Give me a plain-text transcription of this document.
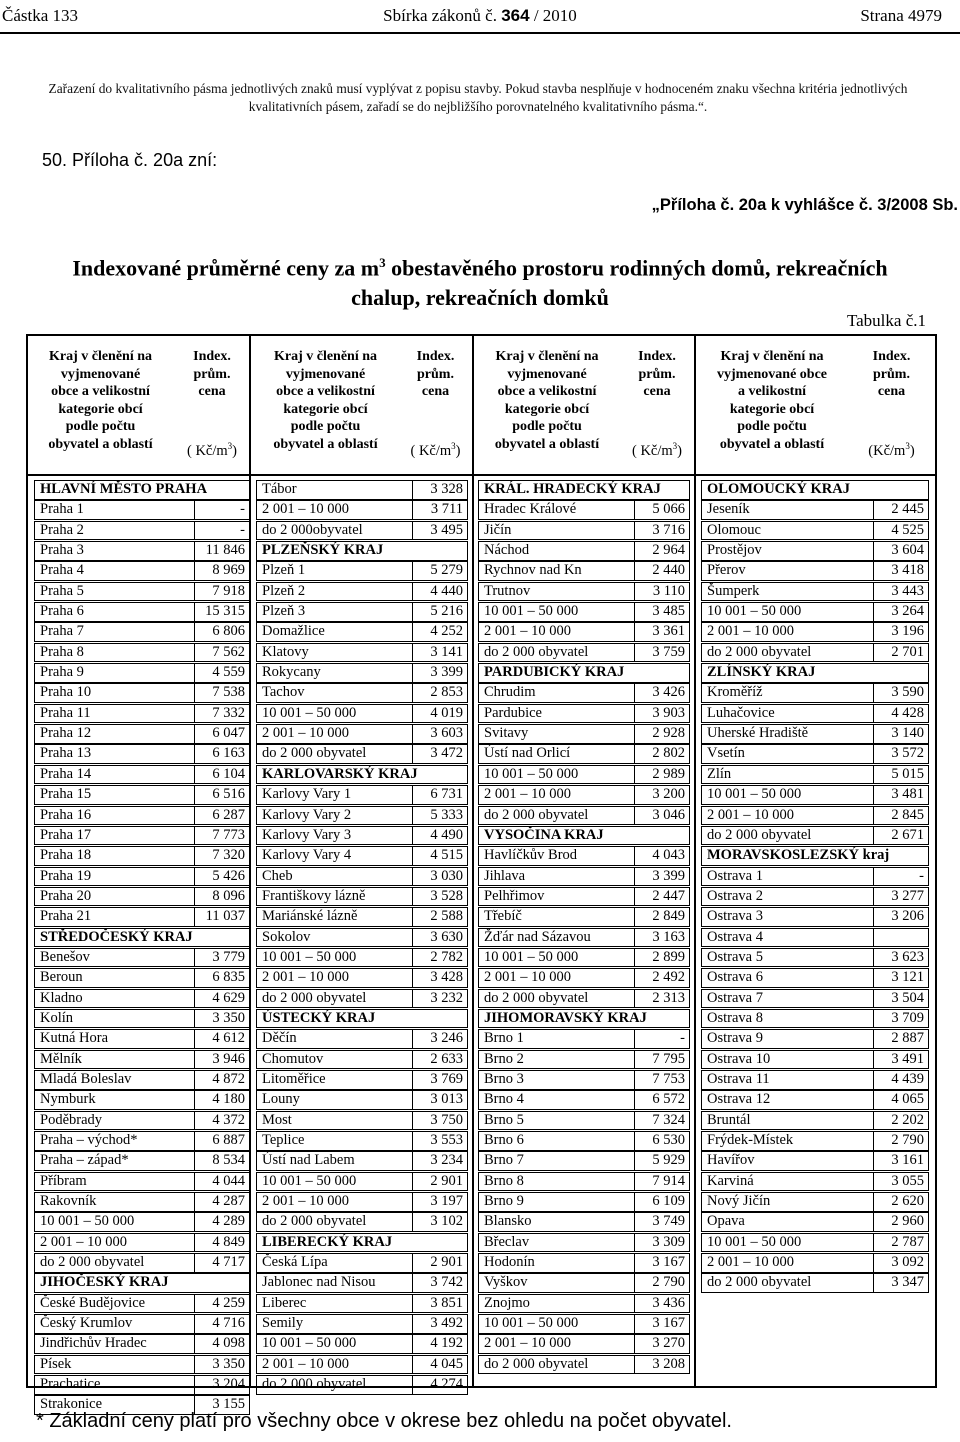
Částka 133	Sbírka zákonů č. 364 / 2010	Strana 4979
Zařazení do kvalitativního pásma jednotlivých znaků musí vyplývat z popisu stavby. Pokud stavba nesplňuje v hodnoceném znaku všechna kritéria jednotlivých kvalitativních pásem, zařadí se do nejbližšího porovnatelného kvalitativního pásma.“.
50. Příloha č. 20a zní:
„Příloha č. 20a k vyhlášce č. 3/2008 Sb.
Indexované průměrné ceny za $m^3$ obestavěného prostoru rodinných domů, rekreačních
chalup, rekreačních domků
Tabulka č.1
Kraj v členění na
vyjmenované
obce a velikostní
kategorie obcí
podle počtu
obyvatel a oblastí
Index.
prům.
cena
( $Kč/m^3$)
Kraj v členění na
vyjmenované
obce a velikostní
kategorie obcí
podle počtu
obyvatel a oblastí
Index.
prům.
cena
( $Kč/m^3$)
Kraj v členění na
vyjmenované
obce a velikostní
kategorie obcí
podle počtu
obyvatel a oblastí
Index.
prům.
cena
( $Kč/m^3$)
Kraj v členění na
vyjmenované obce
a velikostní
kategorie obcí
podle počtu
obyvatel a oblastí
Index.
prům.
cena
$(Kč/m^3)$
HLAVNÍ MĚSTO PRAHA
Praha 1	-
Praha 2	-
Praha 3	11 846
Praha 4	8 969
Praha 5	7 918
Praha 6	15 315
Praha 7	6 806
Praha 8	7 562
Praha 9	4 559
Praha 10	7 538
Praha 11	7 332
Praha 12	6 047
Praha 13	6 163
Praha 14	6 104
Praha 15	6 516
Praha 16	6 287
Praha 17	7 773
Praha 18	7 320
Praha 19	5 426
Praha 20	8 096
Praha 21	11 037
STŘEDOČESKÝ KRAJ
Benešov	3 779
Beroun	6 835
Kladno	4 629
Kolín	3 350
Kutná Hora	4 612
Mělník	3 946
Mladá Boleslav	4 872
Nymburk	4 180
Poděbrady	4 372
Praha – východ*	6 887
Praha – západ*	8 534
Příbram	4 044
Rakovník	4 287
10 001 – 50 000	4 289
2 001 – 10 000	4 849
do 2 000 obyvatel	4 717
JIHOČESKÝ KRAJ
České Budějovice	4 259
Český Krumlov	4 716
Jindřichův Hradec	4 098
Písek	3 350
Prachatice	3 204
Strakonice	3 155
Tábor	3 328
2 001 – 10 000	3 711
do 2 000obyvatel	3 495
PLZEŇSKÝ KRAJ
Plzeň 1	5 279
Plzeň 2	4 440
Plzeň 3	5 216
Domažlice	4 252
Klatovy	3 141
Rokycany	3 399
Tachov	2 853
10 001 – 50 000	4 019
2 001 – 10 000	3 603
do 2 000 obyvatel	3 472
KARLOVARSKÝ KRAJ
Karlovy Vary 1	6 731
Karlovy Vary 2	5 333
Karlovy Vary 3	4 490
Karlovy Vary 4	4 515
Cheb	3 030
Františkovy lázně	3 528
Mariánské lázně	2 588
Sokolov	3 630
10 001 – 50 000	2 782
2 001 – 10 000	3 428
do 2 000 obyvatel	3 232
ÚSTECKÝ KRAJ
Děčín	3 246
Chomutov	2 633
Litoměřice	3 769
Louny	3 013
Most	3 750
Teplice	3 553
Ústí nad Labem	3 234
10 001 – 50 000	2 901
2 001 – 10 000	3 197
do 2 000 obyvatel	3 102
LIBERECKÝ KRAJ
Česká Lípa	2 901
Jablonec nad Nisou	3 742
Liberec	3 851
Semily	3 492
10 001 – 50 000	4 192
2 001 – 10 000	4 045
do 2 000 obyvatel	4 274
KRÁL. HRADECKÝ KRAJ
Hradec Králové	5 066
Jičín	3 716
Náchod	2 964
Rychnov nad Kn	2 440
Trutnov	3 110
10 001 – 50 000	3 485
2 001 – 10 000	3 361
do 2 000 obyvatel	3 759
PARDUBICKÝ KRAJ
Chrudim	3 426
Pardubice	3 903
Svitavy	2 928
Ústí nad Orlicí	2 802
10 001 – 50 000	2 989
2 001 – 10 000	3 200
do 2 000 obyvatel	3 046
VYSOČINA KRAJ
Havlíčkův Brod	4 043
Jihlava	3 399
Pelhřimov	2 447
Třebíč	2 849
Žďár nad Sázavou	3 163
10 001 – 50 000	2 899
2 001 – 10 000	2 492
do 2 000 obyvatel	2 313
JIHOMORAVSKÝ KRAJ
Brno 1	-
Brno 2	7 795
Brno 3	7 753
Brno 4	6 572
Brno 5	7 324
Brno 6	6 530
Brno 7	5 929
Brno 8	7 914
Brno 9	6 109
Blansko	3 749
Břeclav	3 309
Hodonín	3 167
Vyškov	2 790
Znojmo	3 436
10 001 – 50 000	3 167
2 001 – 10 000	3 270
do 2 000 obyvatel	3 208
OLOMOUCKÝ KRAJ
Jeseník	2 445
Olomouc	4 525
Prostějov	3 604
Přerov	3 418
Šumperk	3 443
10 001 – 50 000	3 264
2 001 – 10 000	3 196
do 2 000 obyvatel	2 701
ZLÍNSKÝ KRAJ
Kroměříž	3 590
Luhačovice	4 428
Uherské Hradiště	3 140
Vsetín	3 572
Zlín	5 015
10 001 – 50 000	3 481
2 001 – 10 000	2 845
do 2 000 obyvatel	2 671
MORAVSKOSLEZSKÝ kraj
Ostrava 1	-
Ostrava 2	3 277
Ostrava 3	3 206
Ostrava 4
Ostrava 5	3 623
Ostrava 6	3 121
Ostrava 7	3 504
Ostrava 8	3 709
Ostrava 9	2 887
Ostrava 10	3 491
Ostrava 11	4 439
Ostrava 12	4 065
Bruntál	2 202
Frýdek-Místek	2 790
Havířov	3 161
Karviná	3 055
Nový Jičín	2 620
Opava	2 960
10 001 – 50 000	2 787
2 001 – 10 000	3 092
do 2 000 obyvatel	3 347
* Základní ceny platí pro všechny obce v okrese bez ohledu na počet obyvatel.
